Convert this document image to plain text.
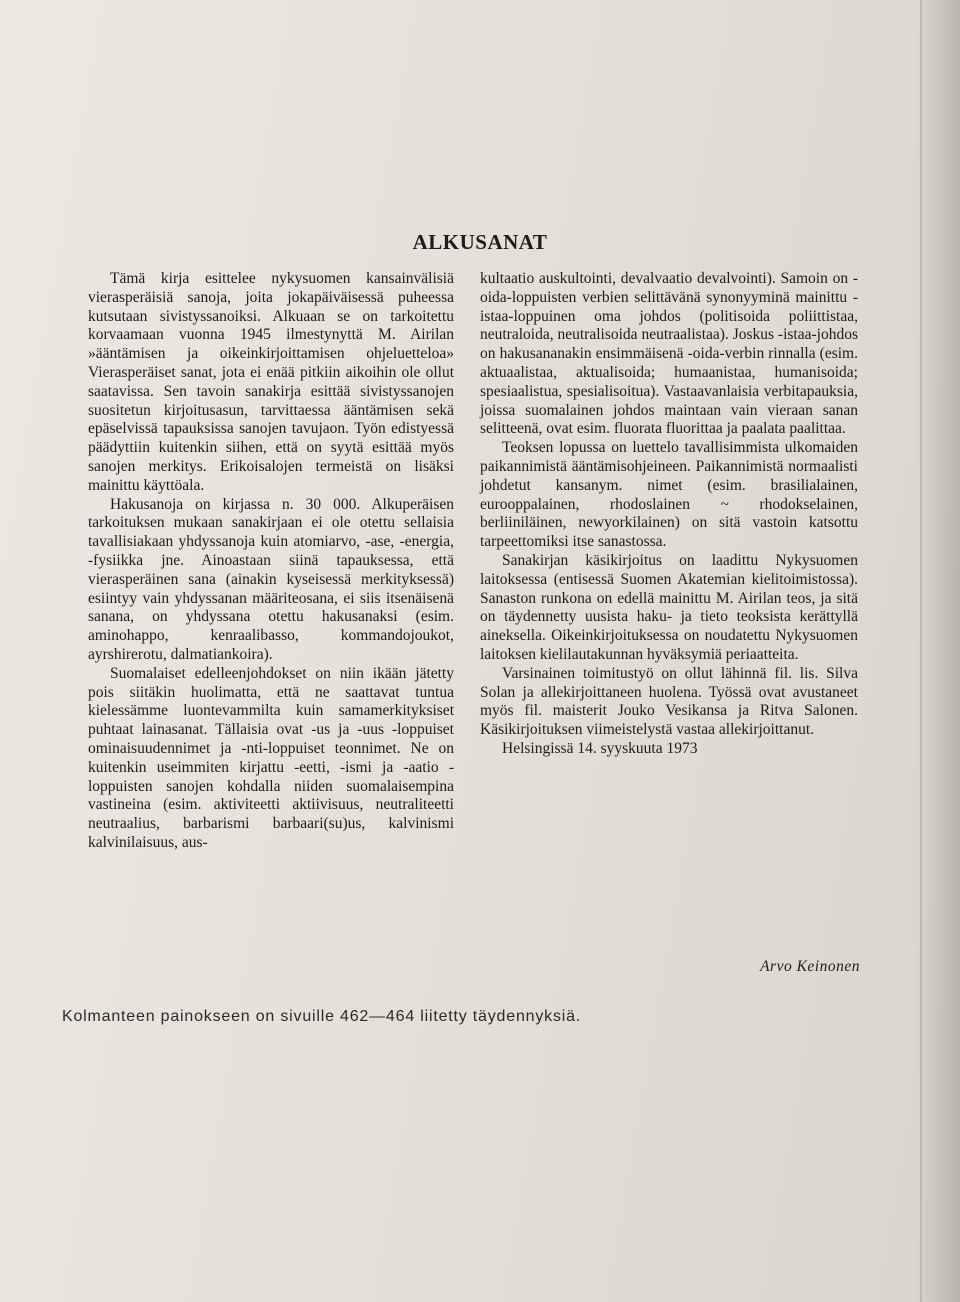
ALKUSANAT

Tämä kirja esittelee nykysuomen kansainvälisiä vierasperäisiä sanoja, joita jokapäiväisessä puheessa kutsutaan sivistyssanoiksi. Alkuaan se on tarkoitettu korvaamaan vuonna 1945 ilmestynyttä M. Airilan »ääntämisen ja oikeinkirjoittamisen ohjeluetteloa» Vierasperäiset sanat, jota ei enää pitkiin aikoihin ole ollut saatavissa. Sen tavoin sanakirja esittää sivistyssanojen suositetun kirjoitusasun, tarvittaessa ääntämisen sekä epäselvissä tapauksissa sanojen tavujaon. Työn edistyessä päädyttiin kuitenkin siihen, että on syytä esittää myös sanojen merkitys. Erikoisalojen termeistä on lisäksi mainittu käyttöala.

Hakusanoja on kirjassa n. 30 000. Alkuperäisen tarkoituksen mukaan sanakirjaan ei ole otettu sellaisia tavallisiakaan yhdyssanoja kuin atomiarvo, -ase, -energia, -fysiikka jne. Ainoastaan siinä tapauksessa, että vierasperäinen sana (ainakin kyseisessä merkityksessä) esiintyy vain yhdyssanan määriteosana, ei siis itsenäisenä sanana, on yhdyssana otettu hakusanaksi (esim. aminohappo, kenraalibasso, kommandojoukot, ayrshirerotu, dalmatiankoira).

Suomalaiset edelleenjohdokset on niin ikään jätetty pois siitäkin huolimatta, että ne saattavat tuntua kielessämme luontevammilta kuin samamerkityksiset puhtaat lainasanat. Tällaisia ovat -us ja -uus -loppuiset ominaisuudennimet ja -nti-loppuiset teonnimet. Ne on kuitenkin useimmiten kirjattu -eetti, -ismi ja -aatio -loppuisten sanojen kohdalla niiden suomalaisempina vastineina (esim. aktiviteetti aktiivisuus, neutraliteetti neutraalius, barbarismi barbaari(su)us, kalvinismi kalvinilaisuus, aus-

kultaatio auskultointi, devalvaatio devalvointi). Samoin on -oida-loppuisten verbien selittävänä synonyyminä mainittu -istaa-loppuinen oma johdos (politisoida poliittistaa, neutraloida, neutralisoida neutraalistaa). Joskus -istaa-johdos on hakusananakin ensimmäisenä -oida-verbin rinnalla (esim. aktuaalistaa, aktualisoida; humaanistaa, humanisoida; spesiaalistua, spesialisoitua). Vastaavanlaisia verbitapauksia, joissa suomalainen johdos maintaan vain vieraan sanan selitteenä, ovat esim. fluorata fluorittaa ja paalata paalittaa.

Teoksen lopussa on luettelo tavallisimmista ulkomaiden paikannimistä ääntämisohjeineen. Paikannimistä normaalisti johdetut kansanym. nimet (esim. brasilialainen, eurooppalainen, rhodoslainen ~ rhodokselainen, berliiniläinen, newyorkilainen) on sitä vastoin katsottu tarpeettomiksi itse sanastossa.

Sanakirjan käsikirjoitus on laadittu Nykysuomen laitoksessa (entisessä Suomen Akatemian kielitoimistossa). Sanaston runkona on edellä mainittu M. Airilan teos, ja sitä on täydennetty uusista haku- ja tieto teoksista kerättyllä aineksella. Oikeinkirjoituksessa on noudatettu Nykysuomen laitoksen kielilautakunnan hyväksymiä periaatteita.

Varsinainen toimitustyö on ollut lähinnä fil. lis. Silva Solan ja allekirjoittaneen huolena. Työssä ovat avustaneet myös fil. maisterit Jouko Vesikansa ja Ritva Salonen. Käsikirjoituksen viimeistelystä vastaa allekirjoittanut.

Helsingissä 14. syyskuuta 1973

Arvo Keinonen
Kolmanteen painokseen on sivuille 462—464 liitetty täydennyksiä.
